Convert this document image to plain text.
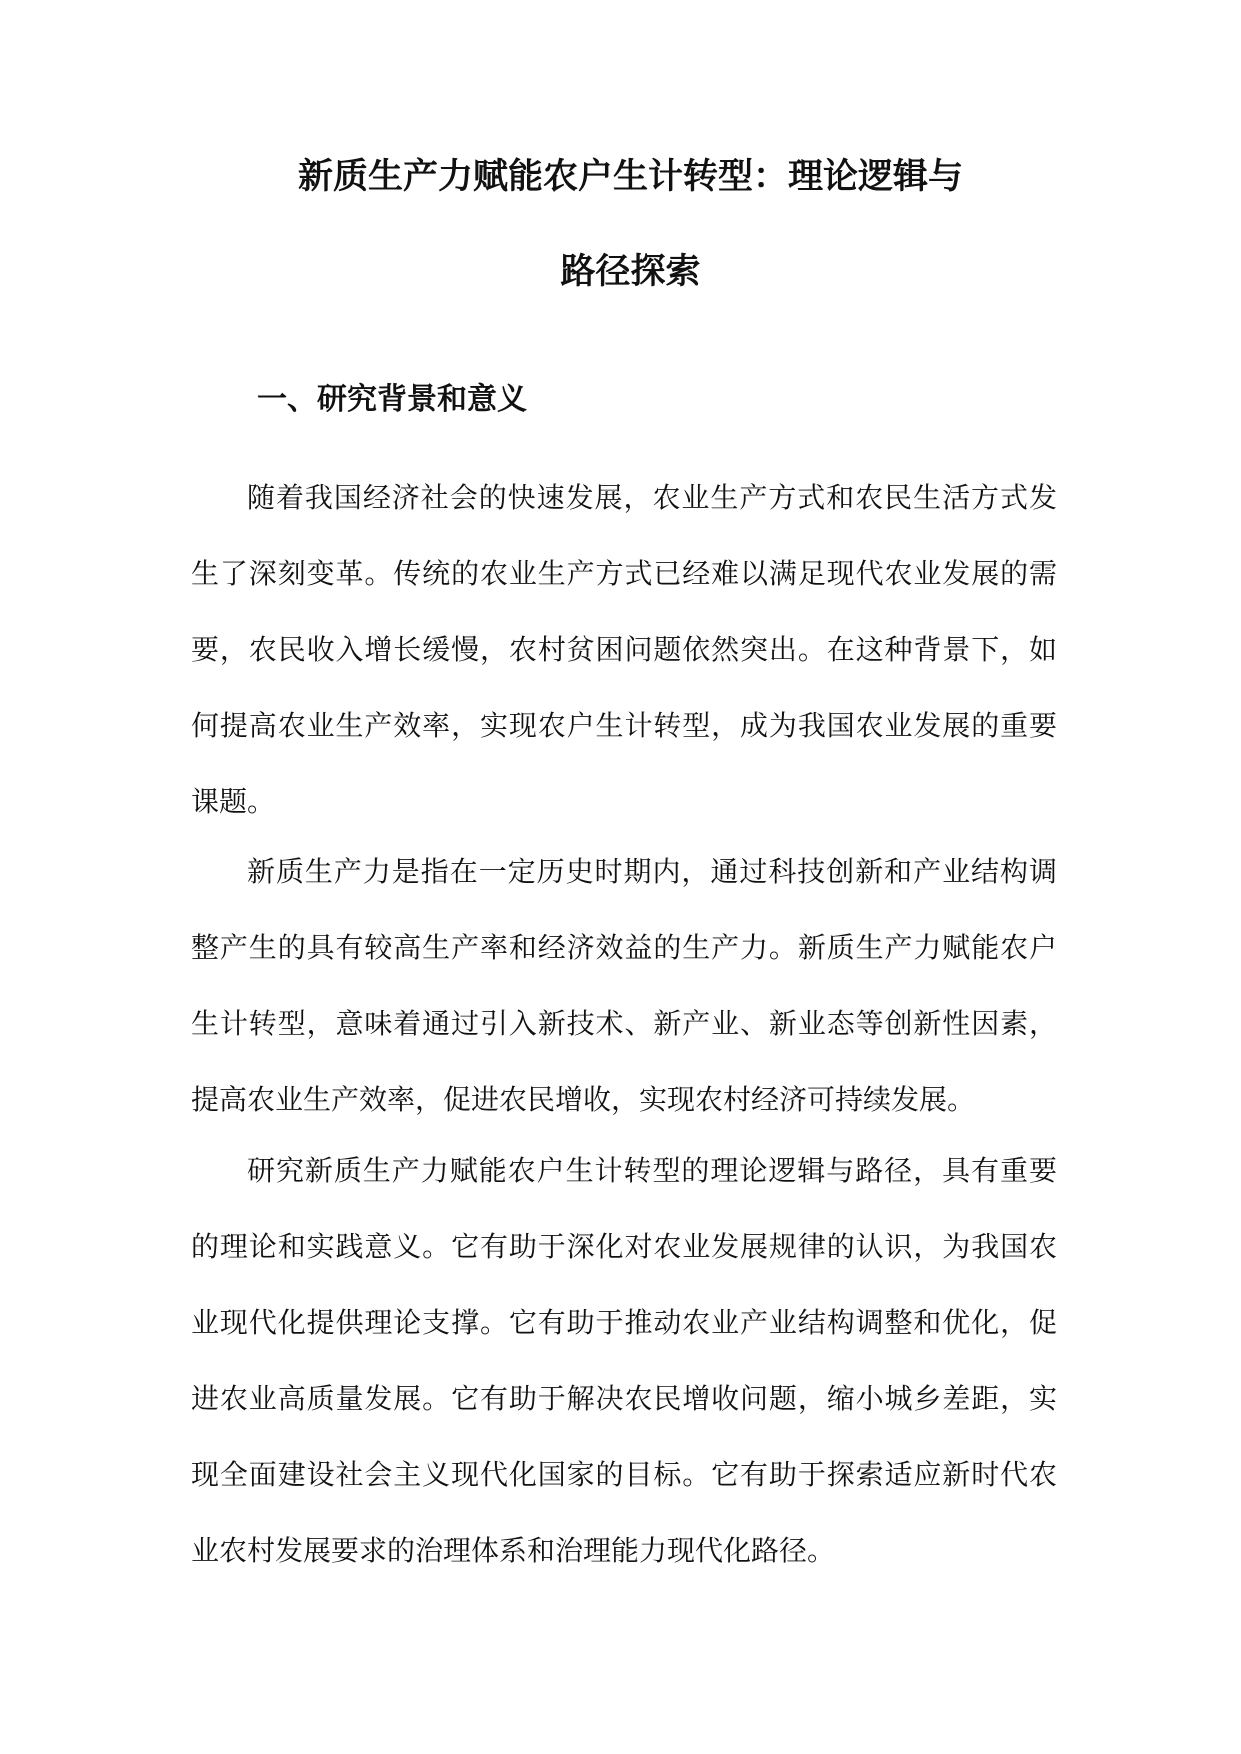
新质生产力赋能农户生计转型：理论逻辑与
路径探索
一、研究背景和意义

随着我国经济社会的快速发展，农业生产方式和农民生活方式发生了深刻变革。传统的农业生产方式已经难以满足现代农业发展的需要，农民收入增长缓慢，农村贫困问题依然突出。在这种背景下，如何提高农业生产效率，实现农户生计转型，成为我国农业发展的重要课题。

新质生产力是指在一定历史时期内，通过科技创新和产业结构调整产生的具有较高生产率和经济效益的生产力。新质生产力赋能农户生计转型，意味着通过引入新技术、新产业、新业态等创新性因素，提高农业生产效率，促进农民增收，实现农村经济可持续发展。

研究新质生产力赋能农户生计转型的理论逻辑与路径，具有重要的理论和实践意义。它有助于深化对农业发展规律的认识，为我国农业现代化提供理论支撑。它有助于推动农业产业结构调整和优化，促进农业高质量发展。它有助于解决农民增收问题，缩小城乡差距，实现全面建设社会主义现代化国家的目标。它有助于探索适应新时代农业农村发展要求的治理体系和治理能力现代化路径。
